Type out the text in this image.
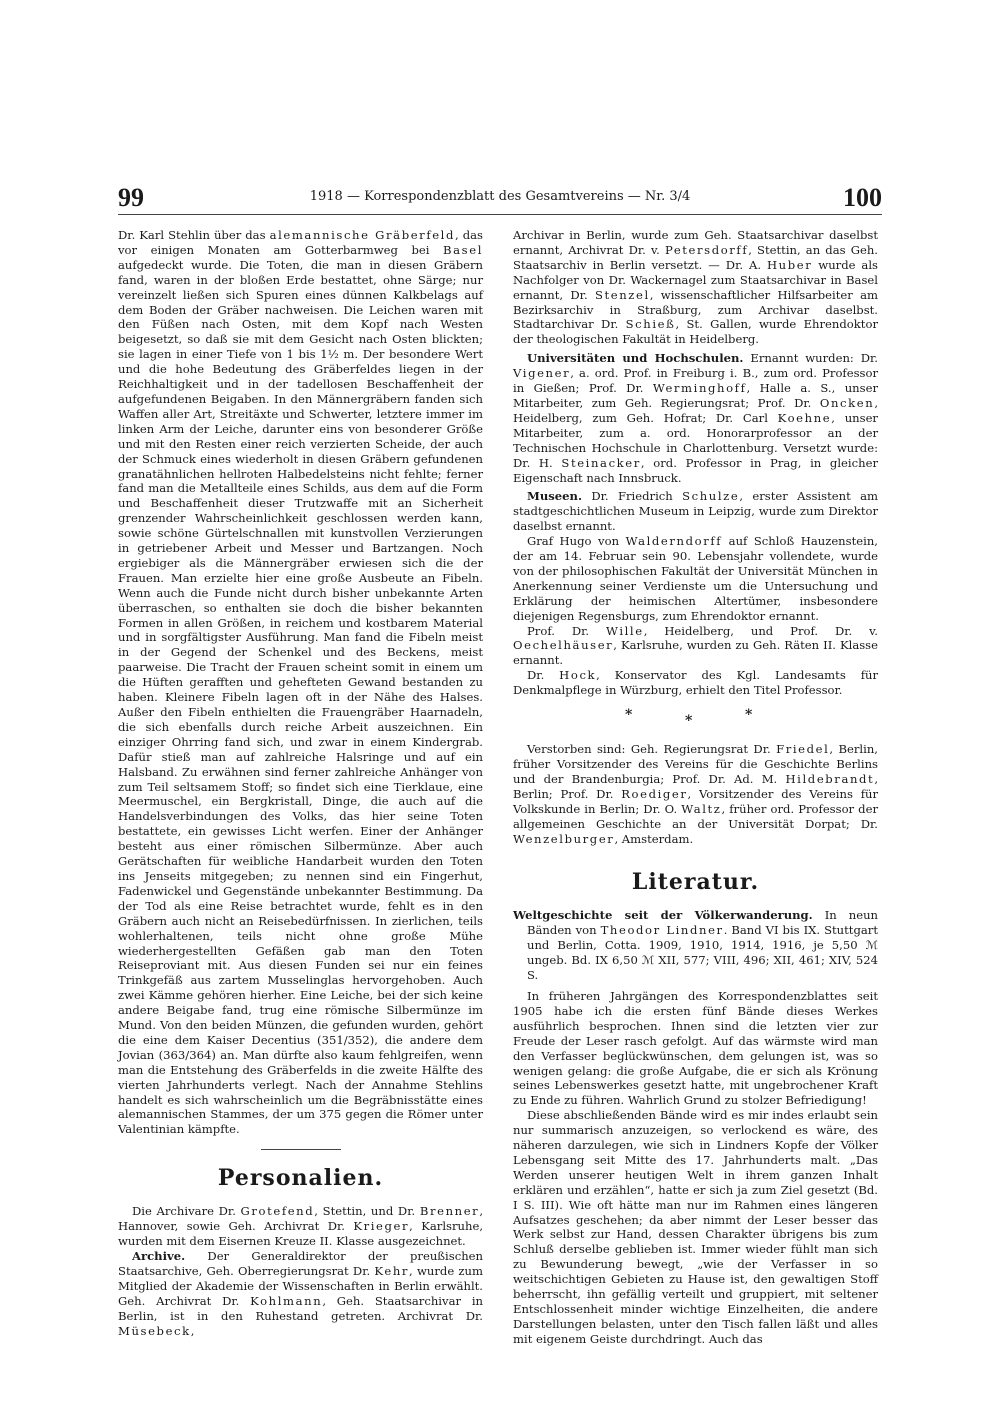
99	1918 — Korrespondenzblatt des Gesamtvereins — Nr. 3/4	100

Dr. Karl Stehlin über das alemannische Gräberfeld, das vor einigen Monaten am Gotterbarmweg bei Basel aufgedeckt wurde. Die Toten, die man in diesen Gräbern fand, waren in der bloßen Erde bestattet, ohne Särge; nur vereinzelt ließen sich Spuren eines dünnen Kalkbelags auf dem Boden der Gräber nachweisen. Die Leichen waren mit den Füßen nach Osten, mit dem Kopf nach Westen beigesetzt, so daß sie mit dem Gesicht nach Osten blickten; sie lagen in einer Tiefe von 1 bis 1½ m. Der besondere Wert und die hohe Bedeutung des Gräberfeldes liegen in der Reichhaltigkeit und in der tadellosen Beschaffenheit der aufgefundenen Beigaben. In den Männergräbern fanden sich Waffen aller Art, Streitäxte und Schwerter, letztere immer im linken Arm der Leiche, darunter eins von besonderer Größe und mit den Resten einer reich verzierten Scheide, der auch der Schmuck eines wiederholt in diesen Gräbern gefundenen granatähnlichen hellroten Halbedelsteins nicht fehlte; ferner fand man die Metallteile eines Schilds, aus dem auf die Form und Beschaffenheit dieser Trutzwaffe mit an Sicherheit grenzender Wahrscheinlichkeit geschlossen werden kann, sowie schöne Gürtelschnallen mit kunstvollen Verzierungen in getriebener Arbeit und Messer und Bartzangen. Noch ergiebiger als die Männergräber erwiesen sich die der Frauen. Man erzielte hier eine große Ausbeute an Fibeln. Wenn auch die Funde nicht durch bisher unbekannte Arten überraschen, so enthalten sie doch die bisher bekannten Formen in allen Größen, in reichem und kostbarem Material und in sorgfältigster Ausführung. Man fand die Fibeln meist in der Gegend der Schenkel und des Beckens, meist paarweise. Die Tracht der Frauen scheint somit in einem um die Hüften gerafften und gehefteten Gewand bestanden zu haben. Kleinere Fibeln lagen oft in der Nähe des Halses. Außer den Fibeln enthielten die Frauengräber Haarnadeln, die sich ebenfalls durch reiche Arbeit auszeichnen. Ein einziger Ohrring fand sich, und zwar in einem Kindergrab. Dafür stieß man auf zahlreiche Halsringe und auf ein Halsband. Zu erwähnen sind ferner zahlreiche Anhänger von zum Teil seltsamem Stoff; so findet sich eine Tierklaue, eine Meermuschel, ein Bergkristall, Dinge, die auch auf die Handelsverbindungen des Volks, das hier seine Toten bestattete, ein gewisses Licht werfen. Einer der Anhänger besteht aus einer römischen Silbermünze. Aber auch Gerätschaften für weibliche Handarbeit wurden den Toten ins Jenseits mitgegeben; zu nennen sind ein Fingerhut, Fadenwickel und Gegenstände unbekannter Bestimmung. Da der Tod als eine Reise betrachtet wurde, fehlt es in den Gräbern auch nicht an Reisebedürfnissen. In zierlichen, teils wohlerhaltenen, teils nicht ohne große Mühe wiederhergestellten Gefäßen gab man den Toten Reiseproviant mit. Aus diesen Funden sei nur ein feines Trinkgefäß aus zartem Musselinglas hervorgehoben. Auch zwei Kämme gehören hierher. Eine Leiche, bei der sich keine andere Beigabe fand, trug eine römische Silbermünze im Mund. Von den beiden Münzen, die gefunden wurden, gehört die eine dem Kaiser Decentius (351/352), die andere dem Jovian (363/364) an. Man dürfte also kaum fehlgreifen, wenn man die Entstehung des Gräberfelds in die zweite Hälfte des vierten Jahrhunderts verlegt. Nach der Annahme Stehlins handelt es sich wahrscheinlich um die Begräbnisstätte eines alemannischen Stammes, der um 375 gegen die Römer unter Valentinian kämpfte.

Personalien.

Die Archivare Dr. Grotefend, Stettin, und Dr. Brenner, Hannover, sowie Geh. Archivrat Dr. Krieger, Karlsruhe, wurden mit dem Eisernen Kreuze II. Klasse ausgezeichnet.

Archive. Der Generaldirektor der preußischen Staatsarchive, Geh. Oberregierungsrat Dr. Kehr, wurde zum Mitglied der Akademie der Wissenschaften in Berlin erwählt. Geh. Archivrat Dr. Kohlmann, Geh. Staatsarchivar in Berlin, ist in den Ruhestand getreten. Archivrat Dr. Müsebeck,

Archivar in Berlin, wurde zum Geh. Staatsarchivar daselbst ernannt, Archivrat Dr. v. Petersdorff, Stettin, an das Geh. Staatsarchiv in Berlin versetzt. — Dr. A. Huber wurde als Nachfolger von Dr. Wackernagel zum Staatsarchivar in Basel ernannt, Dr. Stenzel, wissenschaftlicher Hilfsarbeiter am Bezirksarchiv in Straßburg, zum Archivar daselbst. Stadtarchivar Dr. Schieß, St. Gallen, wurde Ehrendoktor der theologischen Fakultät in Heidelberg.

Universitäten und Hochschulen. Ernannt wurden: Dr. Vigener, a. ord. Prof. in Freiburg i. B., zum ord. Professor in Gießen; Prof. Dr. Werminghoff, Halle a. S., unser Mitarbeiter, zum Geh. Regierungsrat; Prof. Dr. Oncken, Heidelberg, zum Geh. Hofrat; Dr. Carl Koehne, unser Mitarbeiter, zum a. ord. Honorarprofessor an der Technischen Hochschule in Charlottenburg. Versetzt wurde: Dr. H. Steinacker, ord. Professor in Prag, in gleicher Eigenschaft nach Innsbruck.

Museen. Dr. Friedrich Schulze, erster Assistent am stadtgeschichtlichen Museum in Leipzig, wurde zum Direktor daselbst ernannt.

Graf Hugo von Walderndorff auf Schloß Hauzenstein, der am 14. Februar sein 90. Lebensjahr vollendete, wurde von der philosophischen Fakultät der Universität München in Anerkennung seiner Verdienste um die Untersuchung und Erklärung der heimischen Altertümer, insbesondere diejenigen Regensburgs, zum Ehrendoktor ernannt.

Prof. Dr. Wille, Heidelberg, und Prof. Dr. v. Oechelhäuser, Karlsruhe, wurden zu Geh. Räten II. Klasse ernannt.

Dr. Hock, Konservator des Kgl. Landesamts für Denkmalpflege in Würzburg, erhielt den Titel Professor.

*	*	*

Verstorben sind: Geh. Regierungsrat Dr. Friedel, Berlin, früher Vorsitzender des Vereins für die Geschichte Berlins und der Brandenburgia; Prof. Dr. Ad. M. Hildebrandt, Berlin; Prof. Dr. Roediger, Vorsitzender des Vereins für Volkskunde in Berlin; Dr. O. Waltz, früher ord. Professor der allgemeinen Geschichte an der Universität Dorpat; Dr. Wenzelburger, Amsterdam.

Literatur.

Weltgeschichte seit der Völkerwanderung. In neun Bänden von Theodor Lindner. Band VI bis IX. Stuttgart und Berlin, Cotta. 1909, 1910, 1914, 1916, je 5,50 ℳ ungeb. Bd. IX 6,50 ℳ XII, 577; VIII, 496; XII, 461; XIV, 524 S.

In früheren Jahrgängen des Korrespondenzblattes seit 1905 habe ich die ersten fünf Bände dieses Werkes ausführlich besprochen. Ihnen sind die letzten vier zur Freude der Leser rasch gefolgt. Auf das wärmste wird man den Verfasser beglückwünschen, dem gelungen ist, was so wenigen gelang: die große Aufgabe, die er sich als Krönung seines Lebenswerkes gesetzt hatte, mit ungebrochener Kraft zu Ende zu führen. Wahrlich Grund zu stolzer Befriedigung!

Diese abschließenden Bände wird es mir indes erlaubt sein nur summarisch anzuzeigen, so verlockend es wäre, des näheren darzulegen, wie sich in Lindners Kopfe der Völker Lebensgang seit Mitte des 17. Jahrhunderts malt. „Das Werden unserer heutigen Welt in ihrem ganzen Inhalt erklären und erzählen“, hatte er sich ja zum Ziel gesetzt (Bd. I S. III). Wie oft hätte man nur im Rahmen eines längeren Aufsatzes geschehen; da aber nimmt der Leser besser das Werk selbst zur Hand, dessen Charakter übrigens bis zum Schluß derselbe geblieben ist. Immer wieder fühlt man sich zu Bewunderung bewegt, „wie der Verfasser in so weitschichtigen Gebieten zu Hause ist, den gewaltigen Stoff beherrscht, ihn gefällig verteilt und gruppiert, mit seltener Entschlossenheit minder wichtige Einzelheiten, die andere Darstellungen belasten, unter den Tisch fallen läßt und alles mit eigenem Geiste durchdringt. Auch das
